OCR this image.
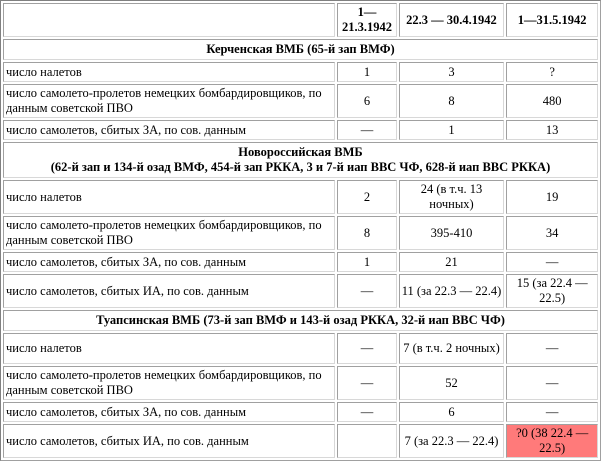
	1— 21.3.1942	22.3 — 30.4.1942	1—31.5.1942
Керченская ВМБ (65-й зап ВМФ)			
число налетов	1	3	?
число самолето-пролетов немецких бомбардировщиков, по данным советской ПВО	6	8	480
число самолетов, сбитых ЗА, по сов. данным	—	1	13

Новороссийская ВМБ
(62-й зап и 134-й озад ВМФ, 454-й зап РККА, 3 и 7-й иап ВВС ЧФ, 628-й иап ВВС РККА)			

число налетов	2	24 (в т.ч. 13 ночных)	19
число самолето-пролетов немецких бомбардировщиков, по данным советской ПВО	8	395-410	34
число самолетов, сбитых ЗА, по сов. данным	1	21	—
число самолетов, сбитых ИА, по сов. данным	—	11 (за 22.3 — 22.4)	15 (за 22.4 — 22.5)
Туапсинская ВМБ (73-й зап ВМФ и 143-й озад РККА, 32-й иап ВВС ЧФ)			
число налетов	—	7 (в т.ч. 2 ночных)	—
число самолето-пролетов немецких бомбардировщиков, по данным советской ПВО	—	52	—
число самолетов, сбитых ЗА, по сов. данным	—	6	—
число самолетов, сбитых ИА, по сов. данным		7 (за 22.3 — 22.4)	?0 (38 22.4 — 22.5)
